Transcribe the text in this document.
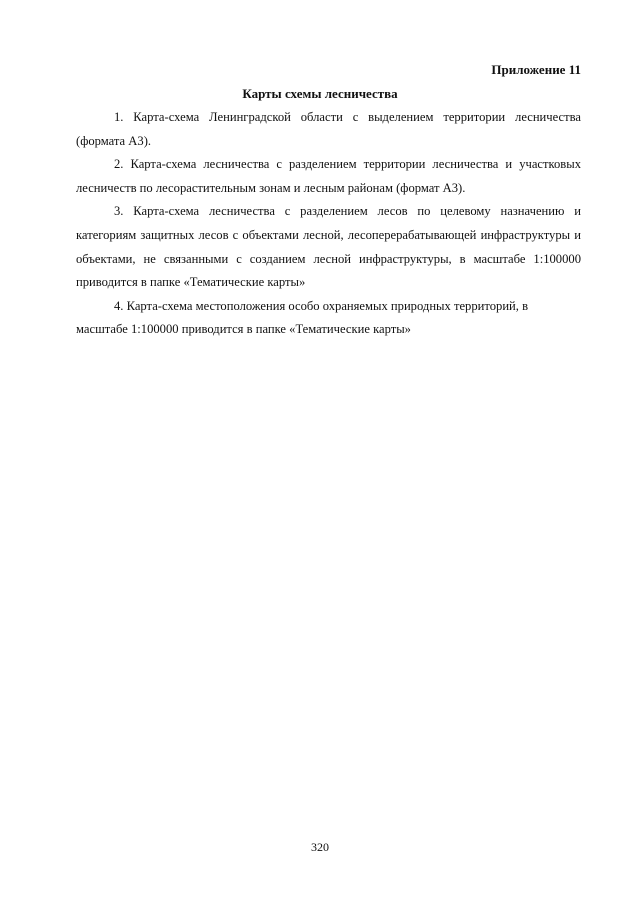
Приложение 11
Карты схемы лесничества

1. Карта-схема Ленинградской области с выделением территории лесничества (формата А3).

2. Карта-схема лесничества с разделением территории лесничества и участковых лесничеств по лесорастительным зонам и лесным районам (формат А3).

3. Карта-схема лесничества с разделением лесов по целевому назначению и категориям защитных лесов с объектами лесной, лесоперерабатывающей инфраструктуры и объектами, не связанными с созданием лесной инфраструктуры, в масштабе 1:100000 приводится в папке «Тематические карты»

4. Карта-схема местоположения особо охраняемых природных территорий, в масштабе 1:100000 приводится в папке «Тематические карты»

320
